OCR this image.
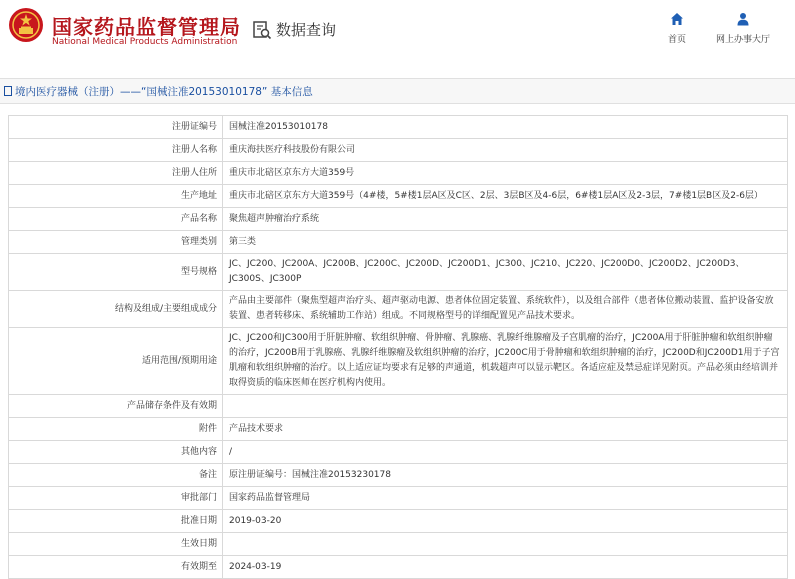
国家药品监督管理局
National Medical Products Administration
数据查询
首页	网上办事大厅
境内医疗器械（注册）——“国械注准20153010178” 基本信息
注册证编号	国械注准20153010178
注册人名称	重庆海扶医疗科技股份有限公司
注册人住所	重庆市北碚区京东方大道359号
生产地址	重庆市北碚区京东方大道359号（4#楼，5#楼1层A区及C区、2层、3层B区及4-6层，6#楼1层A区及2-3层，7#楼1层B区及2-6层）
产品名称	聚焦超声肿瘤治疗系统
管理类别	第三类
型号规格	JC、JC200、JC200A、JC200B、JC200C、JC200D、JC200D1、JC300、JC210、JC220、JC200D0、JC200D2、JC200D3、JC300S、JC300P
结构及组成/主要组成成分	产品由主要部件（聚焦型超声治疗头、超声驱动电源、患者体位固定装置、系统软件），以及组合部件（患者体位搬动装置、监护设备安放装置、患者转移床、系统辅助工作站）组成。不同规格型号的详细配置见产品技术要求。
适用范围/预期用途	JC、JC200和JC300用于肝脏肿瘤、软组织肿瘤、骨肿瘤、乳腺癌、乳腺纤维腺瘤及子宫肌瘤的治疗，JC200A用于肝脏肿瘤和软组织肿瘤的治疗，JC200B用于乳腺癌、乳腺纤维腺瘤及软组织肿瘤的治疗，JC200C用于骨肿瘤和软组织肿瘤的治疗，JC200D和JC200D1用于子宫肌瘤和软组织肿瘤的治疗。以上适应证均要求有足够的声通道，机载超声可以显示靶区。各适应症及禁忌症详见附页。产品必须由经培训并取得资质的临床医师在医疗机构内使用。
产品储存条件及有效期	
附件	产品技术要求
其他内容	/
备注	原注册证编号：国械注准20153230178
审批部门	国家药品监督管理局
批准日期	2019-03-20
生效日期	
有效期至	2024-03-19
